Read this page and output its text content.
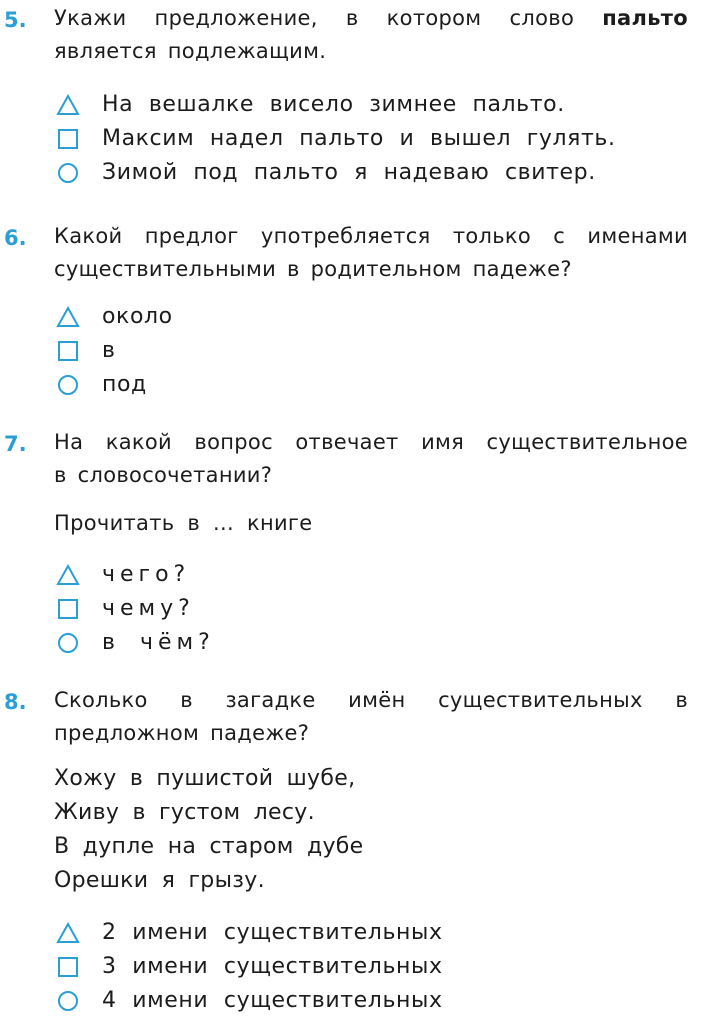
5. Укажи предложение, в котором слово пальто
является подлежащим.
На вешалке висело зимнее пальто.
Максим надел пальто и вышел гулять.
Зимой под пальто я надеваю свитер.
6. Какой предлог употребляется только с именами
существительными в родительном падеже?
около
в
под
7. На какой вопрос отвечает имя существительное
в словосочетании?
Прочитать в ... книге
чего?
чему?
в чём?
8. Сколько в загадке имён существительных в
предложном падеже?
Хожу в пушистой шубе,
Живу в густом лесу.
В дупле на старом дубе
Орешки я грызу.
2 имени существительных
3 имени существительных
4 имени существительных
